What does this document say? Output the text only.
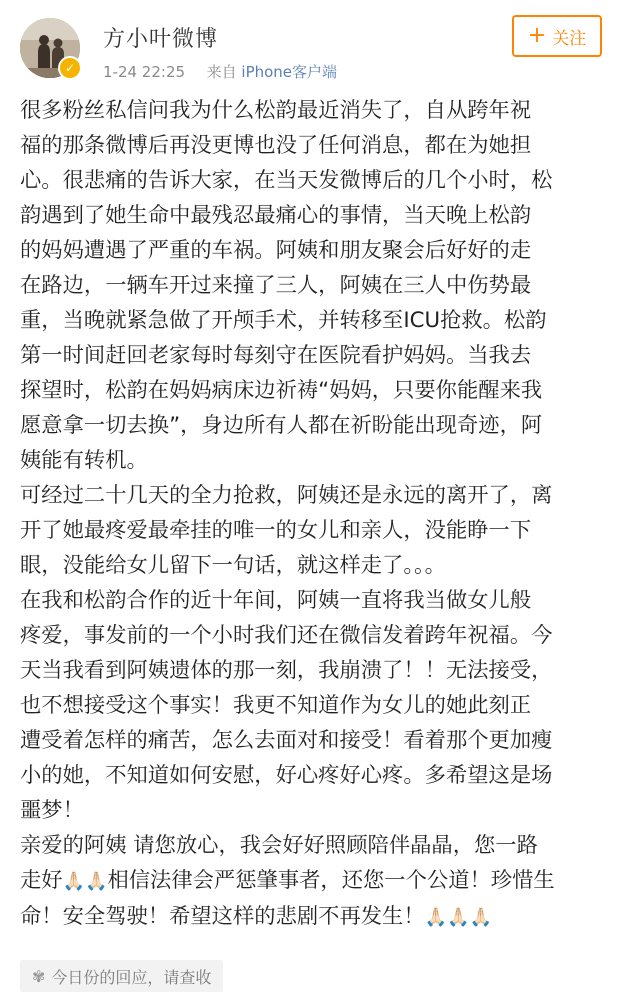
✓
方小叶微博
1-24 22:25 来自 iPhone客户端
+ 关注

很多粉丝私信问我为什么松韵最近消失了，自从跨年祝

福的那条微博后再没更博也没了任何消息，都在为她担

心。很悲痛的告诉大家，在当天发微博后的几个小时，松

韵遇到了她生命中最残忍最痛心的事情，当天晚上松韵

的妈妈遭遇了严重的车祸。阿姨和朋友聚会后好好的走

在路边，一辆车开过来撞了三人，阿姨在三人中伤势最

重，当晚就紧急做了开颅手术，并转移至ICU抢救。松韵

第一时间赶回老家每时每刻守在医院看护妈妈。当我去

探望时，松韵在妈妈病床边祈祷“妈妈，只要你能醒来我

愿意拿一切去换”，身边所有人都在祈盼能出现奇迹，阿

姨能有转机。

可经过二十几天的全力抢救，阿姨还是永远的离开了，离

开了她最疼爱最牵挂的唯一的女儿和亲人，没能睁一下

眼，没能给女儿留下一句话，就这样走了。。。

在我和松韵合作的近十年间，阿姨一直将我当做女儿般

疼爱，事发前的一个小时我们还在微信发着跨年祝福。今

天当我看到阿姨遗体的那一刻，我崩溃了！！无法接受，

也不想接受这个事实！我更不知道作为女儿的她此刻正

遭受着怎样的痛苦，怎么去面对和接受！看着那个更加瘦

小的她，不知道如何安慰，好心疼好心疼。多希望这是场

噩梦！

亲爱的阿姨 请您放心，我会好好照顾陪伴晶晶，您一路

走好🙏🏻🙏🏻相信法律会严惩肇事者，还您一个公道！珍惜生

命！安全驾驶！希望这样的悲剧不再发生！🙏🏻🙏🏻🙏🏻

✾ 今日份的回应，请查收
